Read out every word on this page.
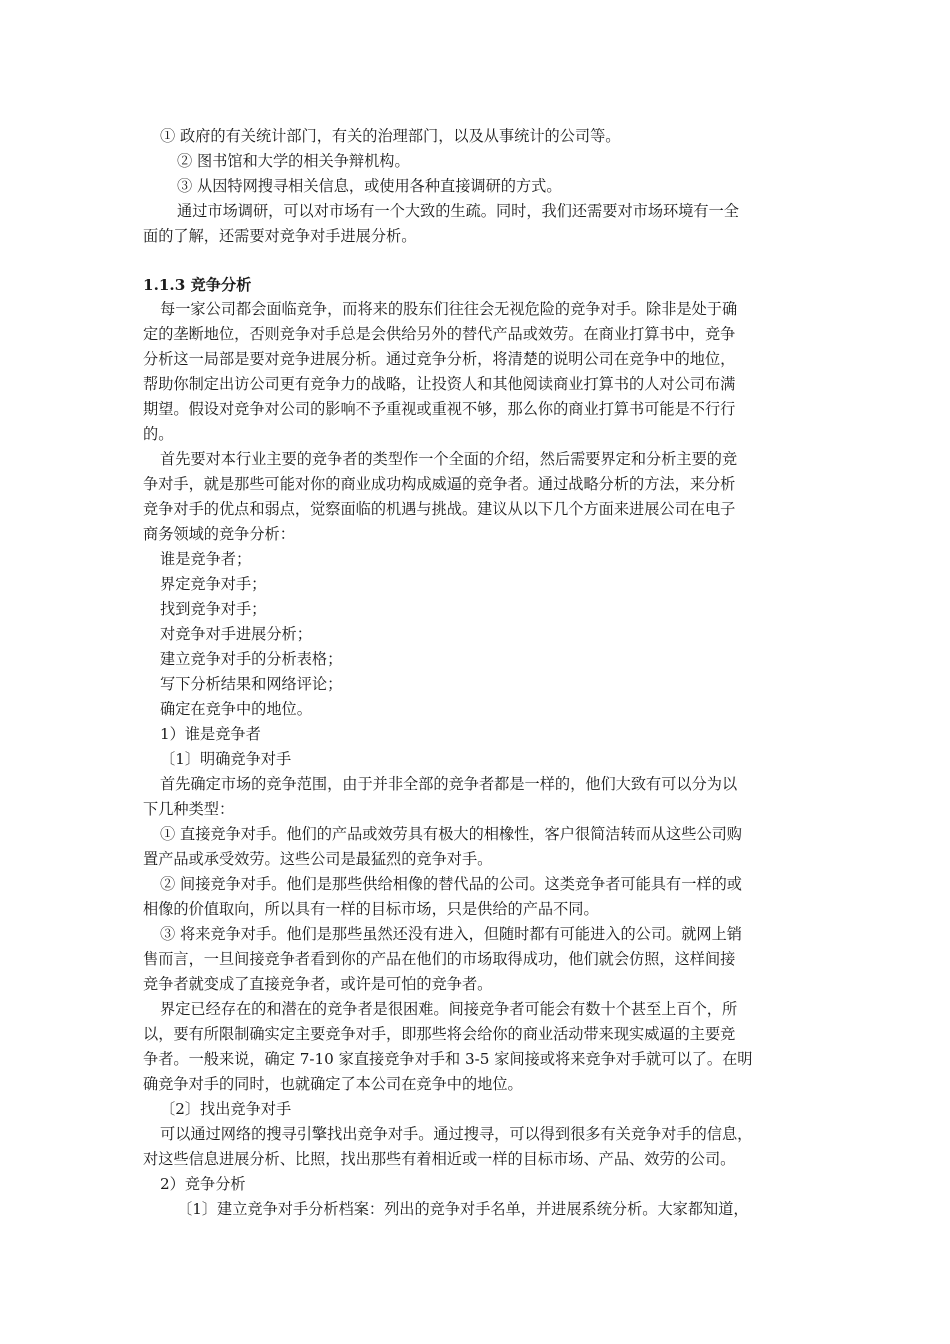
① 政府的有关统计部门，有关的治理部门，以及从事统计的公司等。

② 图书馆和大学的相关争辩机构。

③ 从因特网搜寻相关信息，或使用各种直接调研的方式。

通过市场调研，可以对市场有一个大致的生疏。同时，我们还需要对市场环境有一全

面的了解，还需要对竞争对手进展分析。

1.1.3 竞争分析

每一家公司都会面临竞争，而将来的股东们往往会无视危险的竞争对手。除非是处于确

定的垄断地位，否则竞争对手总是会供给另外的替代产品或效劳。在商业打算书中，竞争

分析这一局部是要对竞争进展分析。通过竞争分析，将清楚的说明公司在竞争中的地位，

帮助你制定出访公司更有竞争力的战略，让投资人和其他阅读商业打算书的人对公司布满

期望。假设对竞争对公司的影响不予重视或重视不够，那么你的商业打算书可能是不行行

的。

首先要对本行业主要的竞争者的类型作一个全面的介绍，然后需要界定和分析主要的竞

争对手，就是那些可能对你的商业成功构成威逼的竞争者。通过战略分析的方法，来分析

竞争对手的优点和弱点，觉察面临的机遇与挑战。建议从以下几个方面来进展公司在电子

商务领域的竞争分析：

谁是竞争者；

界定竞争对手；

找到竞争对手；

对竞争对手进展分析；

建立竞争对手的分析表格；

写下分析结果和网络评论；

确定在竞争中的地位。

1）谁是竞争者

〔1〕明确竞争对手

首先确定市场的竞争范围，由于并非全部的竞争者都是一样的，他们大致有可以分为以

下几种类型：

① 直接竞争对手。他们的产品或效劳具有极大的相橡性，客户很简洁转而从这些公司购

置产品或承受效劳。这些公司是最猛烈的竞争对手。

② 间接竞争对手。他们是那些供给相像的替代品的公司。这类竞争者可能具有一样的或

相像的价值取向，所以具有一样的目标市场，只是供给的产品不同。

③ 将来竞争对手。他们是那些虽然还没有进入，但随时都有可能进入的公司。就网上销

售而言，一旦间接竞争者看到你的产品在他们的市场取得成功，他们就会仿照，这样间接

竞争者就变成了直接竞争者，或许是可怕的竞争者。

界定已经存在的和潜在的竞争者是很困难。间接竞争者可能会有数十个甚至上百个，所

以，要有所限制确实定主要竞争对手，即那些将会给你的商业活动带来现实威逼的主要竞

争者。一般来说，确定 7-10 家直接竞争对手和 3-5 家间接或将来竞争对手就可以了。在明

确竞争对手的同时，也就确定了本公司在竞争中的地位。

〔2〕找出竞争对手

可以通过网络的搜寻引擎找出竞争对手。通过搜寻，可以得到很多有关竞争对手的信息，

对这些信息进展分析、比照，找出那些有着相近或一样的目标市场、产品、效劳的公司。

2）竞争分析

〔1〕建立竞争对手分析档案：列出的竞争对手名单，并进展系统分析。大家都知道，
